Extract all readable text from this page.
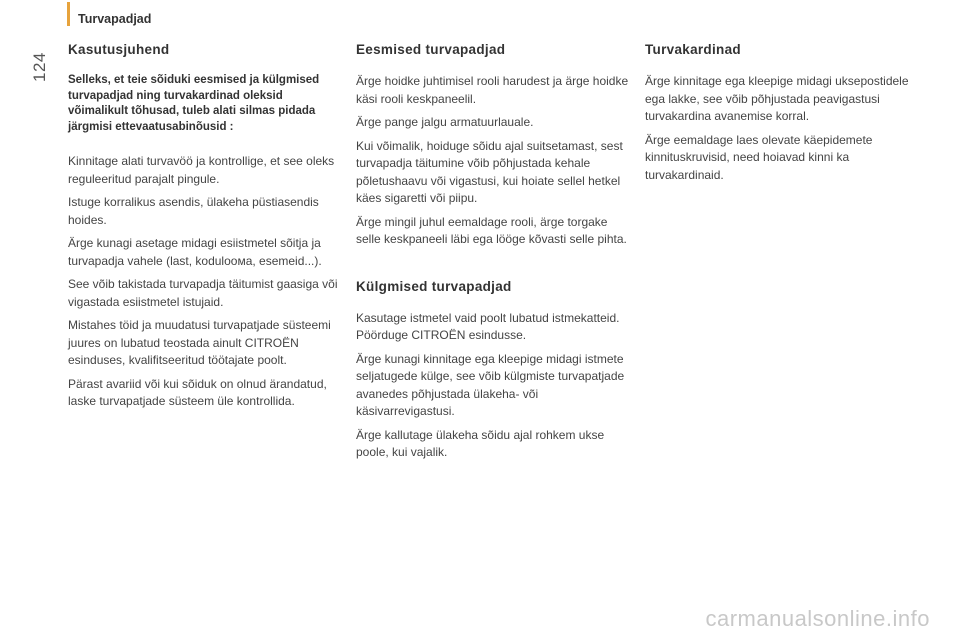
124
Turvapadjad
Kasutusjuhend
Selleks, et teie sõiduki eesmised ja külgmised turvapadjad ning turvakardinad oleksid võimalikult tõhusad, tuleb alati silmas pidada järgmisi ettevaatusabinõusid :

Kinnitage alati turvavöö ja kontrollige, et see oleks reguleeritud parajalt pingule.

Istuge korralikus asendis, ülakeha püstiasendis hoides.

Ärge kunagi asetage midagi esiistmetel sõitja ja turvapadja vahele (last, koduloома, esemeid...).

See võib takistada turvapadja täitumist gaasiga või vigastada esiistmetel istujaid.

Mistahes töid ja muudatusi turvapatjade süsteemi juures on lubatud teostada ainult CITROËN esinduses, kvalifitseeritud töötajate poolt.

Pärast avariid või kui sõiduk on olnud ärandatud, laske turvapatjade süsteem üle kontrollida.

Eesmised turvapadjad

Ärge hoidke juhtimisel rooli harudest ja ärge hoidke käsi rooli keskpaneelil.

Ärge pange jalgu armatuurlauale.

Kui võimalik, hoiduge sõidu ajal suitsetamast, sest turvapadja täitumine võib põhjustada kehale põletushaavu või vigastusi, kui hoiate sellel hetkel käes sigaretti või piipu.

Ärge mingil juhul eemaldage rooli, ärge torgake selle keskpaneeli läbi ega lööge kõvasti selle pihta.

Külgmised turvapadjad

Kasutage istmetel vaid poolt lubatud istmekatteid. Pöörduge CITROËN esindusse.

Ärge kunagi kinnitage ega kleepige midagi istmete seljatugede külge, see võib külgmiste turvapatjade avanedes põhjustada ülakeha- või käsivarrevigastusi.

Ärge kallutage ülakeha sõidu ajal rohkem ukse poole, kui vajalik.

Turvakardinad

Ärge kinnitage ega kleepige midagi uksepostidele ega lakke, see võib põhjustada peavigastusi turvakardina avanemise korral.

Ärge eemaldage laes olevate käepidemete kinnituskruvisid, need hoiavad kinni ka turvakardinaid.

carmanualsonline.info
